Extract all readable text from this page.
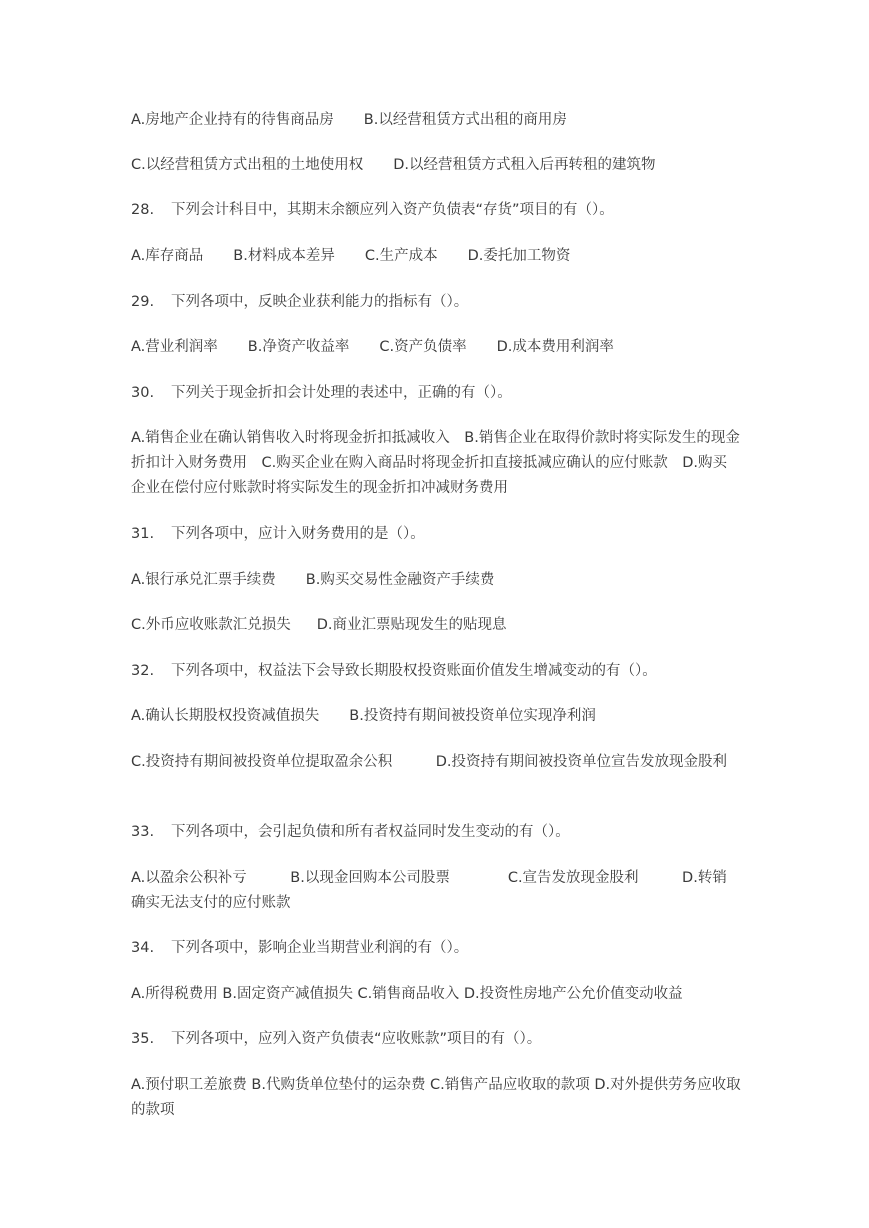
A.房地产企业持有的待售商品房 B.以经营租赁方式出租的商用房
C.以经营租赁方式出租的土地使用权 D.以经营租赁方式租入后再转租的建筑物
28. 下列会计科目中，其期末余额应列入资产负债表“存货”项目的有（）。
A.库存商品 B.材料成本差异 C.生产成本 D.委托加工物资
29. 下列各项中，反映企业获利能力的指标有（）。
A.营业利润率 B.净资产收益率 C.资产负债率 D.成本费用利润率
30. 下列关于现金折扣会计处理的表述中，正确的有（）。
A.销售企业在确认销售收入时将现金折扣抵减收入　B.销售企业在取得价款时将实际发生的现金折扣计入财务费用　C.购买企业在购入商品时将现金折扣直接抵减应确认的应付账款　D.购买企业在偿付应付账款时将实际发生的现金折扣冲减财务费用
31. 下列各项中，应计入财务费用的是（）。
A.银行承兑汇票手续费 B.购买交易性金融资产手续费
C.外币应收账款汇兑损失 D.商业汇票贴现发生的贴现息
32. 下列各项中，权益法下会导致长期股权投资账面价值发生增减变动的有（）。
A.确认长期股权投资减值损失 B.投资持有期间被投资单位实现净利润
C.投资持有期间被投资单位提取盈余公积　　　D.投资持有期间被投资单位宣告发放现金股利
33. 下列各项中，会引起负债和所有者权益同时发生变动的有（）。
A.以盈余公积补亏　　　B.以现金回购本公司股票　　　　C.宣告发放现金股利　　　D.转销确实无法支付的应付账款
34. 下列各项中，影响企业当期营业利润的有（）。
A.所得税费用 B.固定资产减值损失 C.销售商品收入 D.投资性房地产公允价值变动收益
35. 下列各项中，应列入资产负债表“应收账款”项目的有（）。
A.预付职工差旅费 B.代购货单位垫付的运杂费 C.销售产品应收取的款项 D.对外提供劳务应收取的款项
